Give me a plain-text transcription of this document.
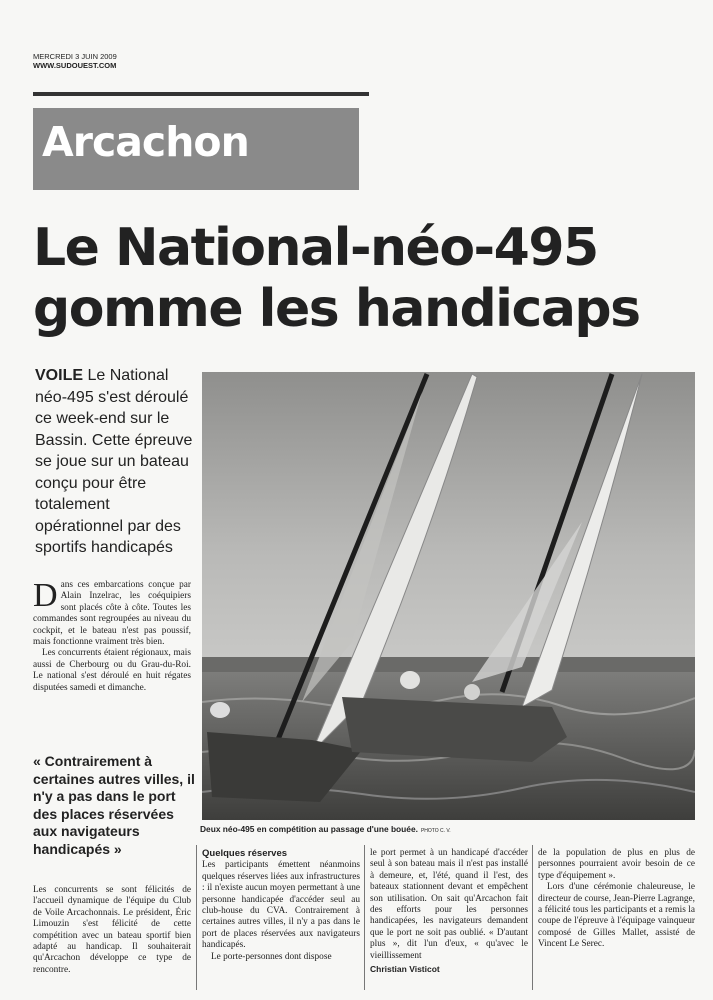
MERCREDI 3 JUIN 2009
WWW.SUDOUEST.COM
Arcachon
Le National-néo-495
gomme les handicaps
VOILE Le National néo-495 s'est déroulé ce week-end sur le Bassin. Cette épreuve se joue sur un bateau conçu pour être totalement opérationnel par des sportifs handicapés
Deux néo-495 en compétition au passage d'une bouée. PHOTO C. V.

Dans ces embarcations conçue par Alain Inzelrac, les coéquipiers sont placés côte à côte. Toutes les commandes sont regroupées au niveau du cockpit, et le bateau n'est pas poussif, mais fonctionne vraiment très bien.

Les concurrents étaient régionaux, mais aussi de Cherbourg ou du Grau-du-Roi. Le national s'est déroulé en huit régates disputées samedi et dimanche.

« Contrairement à certaines autres villes, il n'y a pas dans le port des places réservées aux navigateurs handicapés »

Les concurrents se sont félicités de l'accueil dynamique de l'équipe du Club de Voile Arcachonnais. Le président, Éric Limouzin s'est félicité de cette compétition avec un bateau sportif bien adapté au handicap. Il souhaiterait qu'Arcachon développe ce type de rencontre.

Quelques réserves

Les participants émettent néanmoins quelques réserves liées aux infrastructures : il n'existe aucun moyen permettant à une personne handicapée d'accéder seul au club-house du CVA. Contrairement à certaines autres villes, il n'y a pas dans le port de places réservées aux navigateurs handicapés.

Le porte-personnes dont dispose

le port permet à un handicapé d'accéder seul à son bateau mais il n'est pas installé à demeure, et, l'été, quand il l'est, des bateaux stationnent devant et empêchent son utilisation. On sait qu'Arcachon fait des efforts pour les personnes handicapées, les navigateurs demandent que le port ne soit pas oublié. « D'autant plus », dit l'un d'eux, « qu'avec le vieillissement

Christian Visticot

de la population de plus en plus de personnes pourraient avoir besoin de ce type d'équipement ».

Lors d'une cérémonie chaleureuse, le directeur de course, Jean-Pierre Lagrange, a félicité tous les participants et a remis la coupe de l'épreuve à l'équipage vainqueur composé de Gilles Mallet, assisté de Vincent Le Serec.
